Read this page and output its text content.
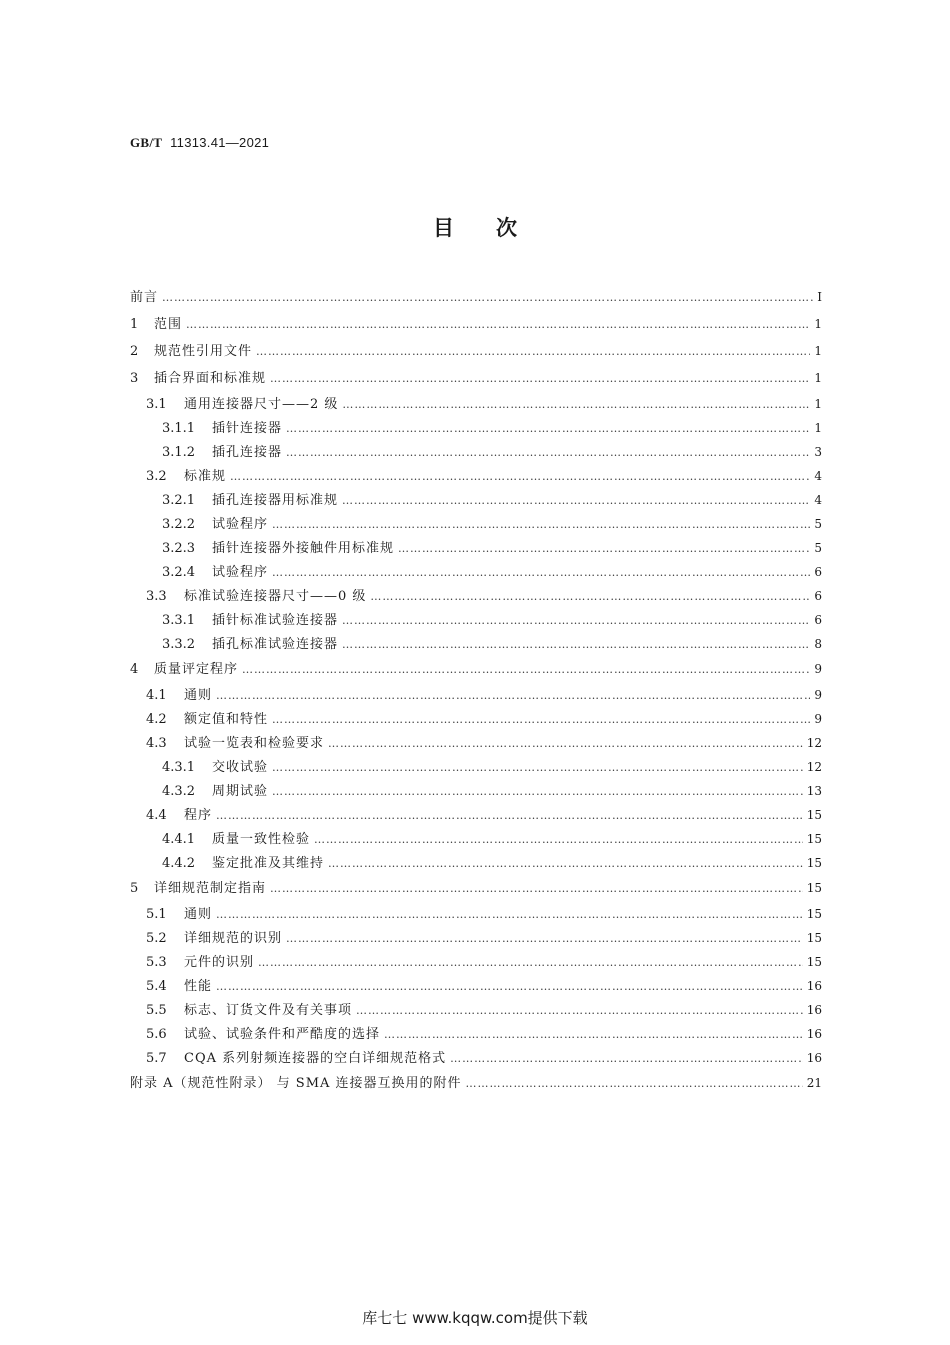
GB/T 11313.41—2021
目次
前言 ………………………………………………………………………………………………………………………………………………………………………………………………	I
1	范围 ………………………………………………………………………………………………………………………………………………………………………………………………	1
2	规范性引用文件 ………………………………………………………………………………………………………………………………………………………………………………………………	1
3	插合界面和标准规 ………………………………………………………………………………………………………………………………………………………………………………………………	1
3.1	通用连接器尺寸——2 级 ………………………………………………………………………………………………………………………………………………………………………………………………	1
3.1.1	插针连接器 ………………………………………………………………………………………………………………………………………………………………………………………………	1
3.1.2	插孔连接器 ………………………………………………………………………………………………………………………………………………………………………………………………	3
3.2	标准规 ………………………………………………………………………………………………………………………………………………………………………………………………	4
3.2.1	插孔连接器用标准规 ………………………………………………………………………………………………………………………………………………………………………………………………	4
3.2.2	试验程序 ………………………………………………………………………………………………………………………………………………………………………………………………	5
3.2.3	插针连接器外接触件用标准规 ………………………………………………………………………………………………………………………………………………………………………………………………	5
3.2.4	试验程序 ………………………………………………………………………………………………………………………………………………………………………………………………	6
3.3	标准试验连接器尺寸——0 级 ………………………………………………………………………………………………………………………………………………………………………………………………	6
3.3.1	插针标准试验连接器 ………………………………………………………………………………………………………………………………………………………………………………………………	6
3.3.2	插孔标准试验连接器 ………………………………………………………………………………………………………………………………………………………………………………………………	8
4	质量评定程序 ………………………………………………………………………………………………………………………………………………………………………………………………	9
4.1	通则 ………………………………………………………………………………………………………………………………………………………………………………………………	9
4.2	额定值和特性 ………………………………………………………………………………………………………………………………………………………………………………………………	9
4.3	试验一览表和检验要求 ………………………………………………………………………………………………………………………………………………………………………………………………	12
4.3.1	交收试验 ………………………………………………………………………………………………………………………………………………………………………………………………	12
4.3.2	周期试验 ………………………………………………………………………………………………………………………………………………………………………………………………	13
4.4	程序 ………………………………………………………………………………………………………………………………………………………………………………………………	15
4.4.1	质量一致性检验 ………………………………………………………………………………………………………………………………………………………………………………………………	15
4.4.2	鉴定批准及其维持 ………………………………………………………………………………………………………………………………………………………………………………………………	15
5	详细规范制定指南 ………………………………………………………………………………………………………………………………………………………………………………………………	15
5.1	通则 ………………………………………………………………………………………………………………………………………………………………………………………………	15
5.2	详细规范的识别 ………………………………………………………………………………………………………………………………………………………………………………………………	15
5.3	元件的识别 ………………………………………………………………………………………………………………………………………………………………………………………………	15
5.4	性能 ………………………………………………………………………………………………………………………………………………………………………………………………	16
5.5	标志、订货文件及有关事项 ………………………………………………………………………………………………………………………………………………………………………………………………	16
5.6	试验、试验条件和严酷度的选择 ………………………………………………………………………………………………………………………………………………………………………………………………	16
5.7	CQA 系列射频连接器的空白详细规范格式 ………………………………………………………………………………………………………………………………………………………………………………………………	16
附录 A（规范性附录） 与 SMA 连接器互换用的附件 ………………………………………………………………………………………………………………………………………………………………………………………………	21
库七七 www.kqqw.com提供下载
